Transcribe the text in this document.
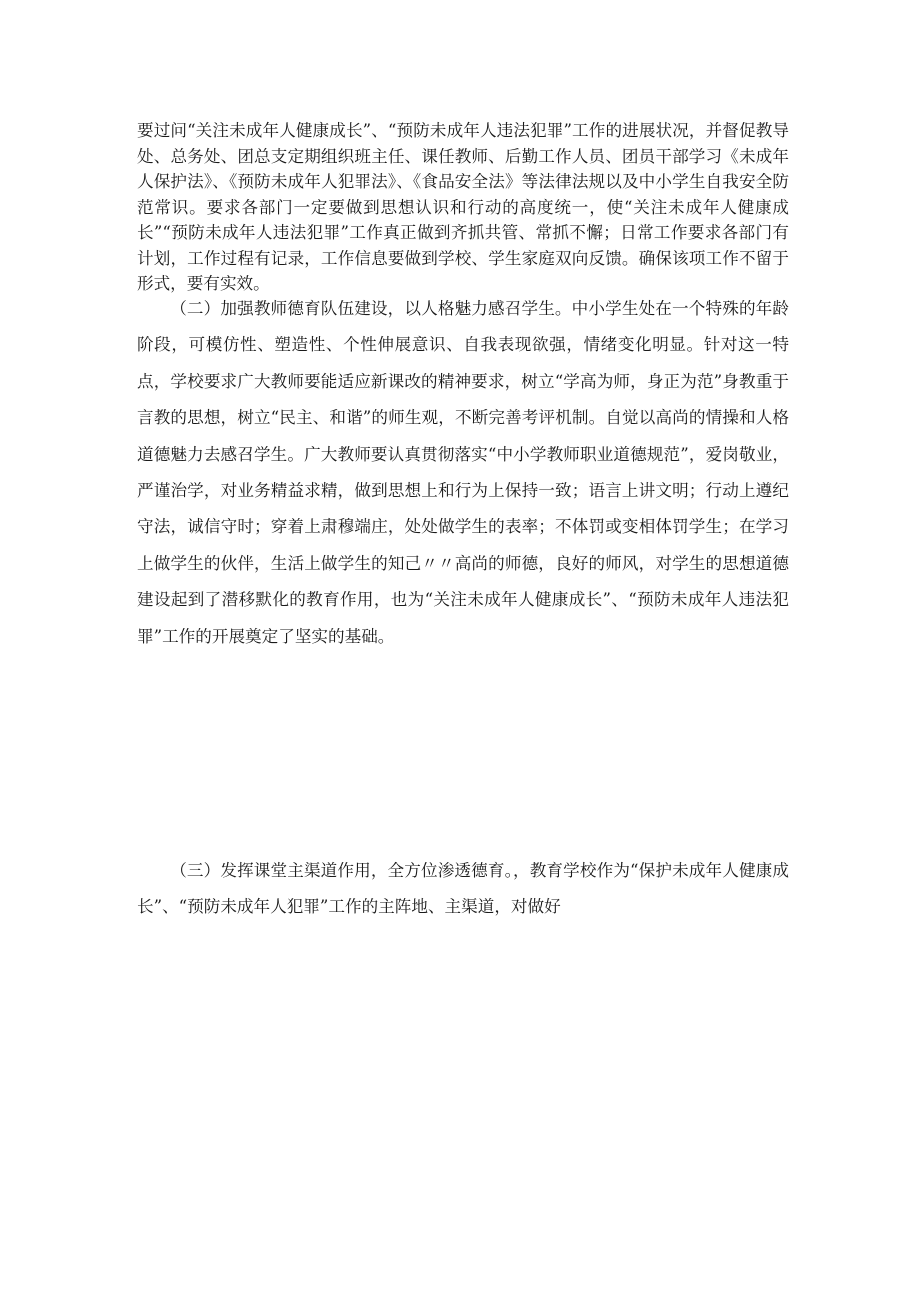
要过问“关注未成年人健康成长”、“预防未成年人违法犯罪”工作的进展状况，并督促教导处、总务处、团总支定期组织班主任、课任教师、后勤工作人员、团员干部学习《未成年人保护法》、《预防未成年人犯罪法》、《食品安全法》等法律法规以及中小学生自我安全防范常识。要求各部门一定要做到思想认识和行动的高度统一，使“关注未成年人健康成长”“预防未成年人违法犯罪”工作真正做到齐抓共管、常抓不懈；日常工作要求各部门有计划，工作过程有记录，工作信息要做到学校、学生家庭双向反馈。确保该项工作不留于形式，要有实效。

（二）加强教师德育队伍建设，以人格魅力感召学生。中小学生处在一个特殊的年龄阶段，可模仿性、塑造性、个性伸展意识、自我表现欲强，情绪变化明显。针对这一特点，学校要求广大教师要能适应新课改的精神要求，树立“学高为师，身正为范”身教重于言教的思想，树立“民主、和谐”的师生观，不断完善考评机制。自觉以高尚的情操和人格道德魅力去感召学生。广大教师要认真贯彻落实“中小学教师职业道德规范”，爱岗敬业，严谨治学，对业务精益求精，做到思想上和行为上保持一致；语言上讲文明；行动上遵纪守法，诚信守时；穿着上肃穆端庄，处处做学生的表率；不体罚或变相体罚学生；在学习上做学生的伙伴，生活上做学生的知己〃〃高尚的师德，良好的师风，对学生的思想道德建设起到了潜移默化的教育作用，也为“关注未成年人健康成长”、“预防未成年人违法犯罪”工作的开展奠定了坚实的基础。

（三）发挥课堂主渠道作用，全方位渗透德育。，教育学校作为“保护未成年人健康成长”、“预防未成年人犯罪”工作的主阵地、主渠道，对做好
